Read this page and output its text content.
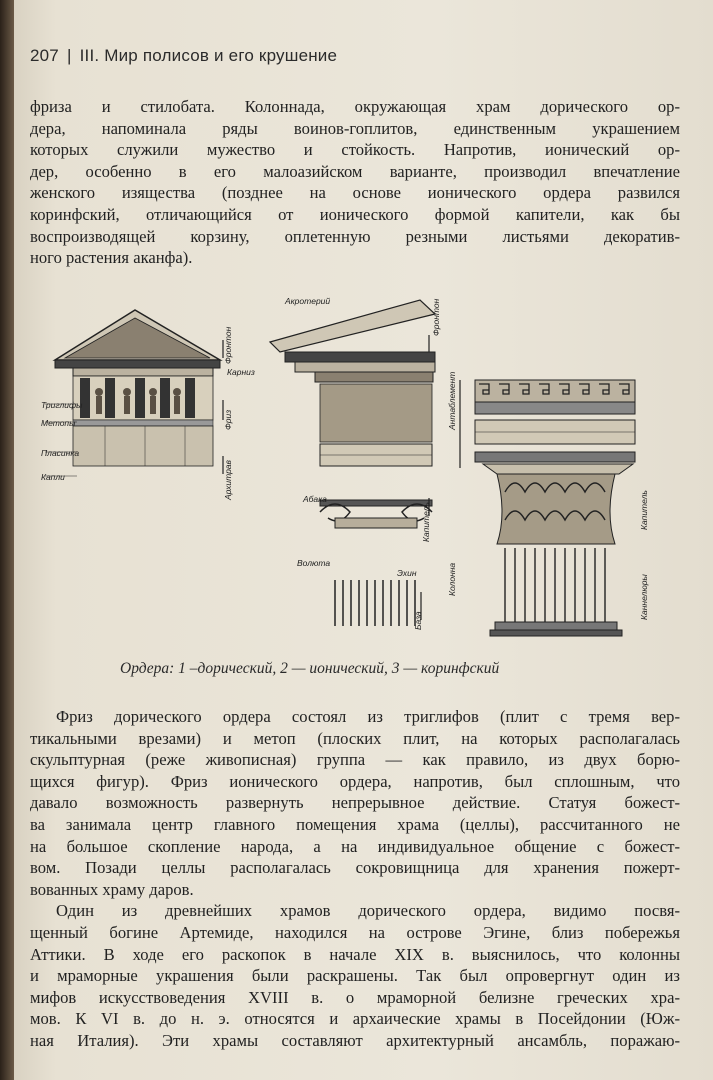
207 | III. Мир полисов и его крушение
фриза и стилобата. Колоннада, окружающая храм дорического ор-
дера, напоминала ряды воинов-гоплитов, единственным украшением
которых служили мужество и стойкость. Напротив, ионический ор-
дер, особенно в его малоазийском варианте, производил впечатление
женского изящества (позднее на основе ионического ордера развился
коринфский, отличающийся от ионического формой капители, как бы
воспроизводящей корзину, оплетенную резными листьями декоратив-
ного растения аканфа).
Триглифы
Метопы
Пласинка
Капли
Фронтон
Карниз
Фриз
Архитрав
Акротерий	Фронтон
Абака
Волюта
Эхин
Капитель
База
Антаблемент
Капитель
Колонна	Каннелюры
Ордера: 1 –дорический, 2 — ионический, 3 — коринфский
Фриз дорического ордера состоял из триглифов (плит с тремя вер-
тикальными врезами) и метоп (плоских плит, на которых располагалась
скульптурная (реже живописная) группа — как правило, из двух борю-
щихся фигур). Фриз ионического ордера, напротив, был сплошным, что
давало возможность развернуть непрерывное действие. Статуя божест-
ва занимала центр главного помещения храма (целлы), рассчитанного не
на большое скопление народа, а на индивидуальное общение с божест-
вом. Позади целлы располагалась сокровищница для хранения пожерт-
вованных храму даров.
Один из древнейших храмов дорического ордера, видимо посвя-
щенный богине Артемиде, находился на острове Эгине, близ побережья
Аттики. В ходе его раскопок в начале XIX в. выяснилось, что колонны
и мраморные украшения были раскрашены. Так был опровергнут один из
мифов искусствоведения XVIII в. о мраморной белизне греческих хра-
мов. К VI в. до н. э. относятся и архаические храмы в Посейдонии (Юж-
ная Италия). Эти храмы составляют архитектурный ансамбль, поражаю-
